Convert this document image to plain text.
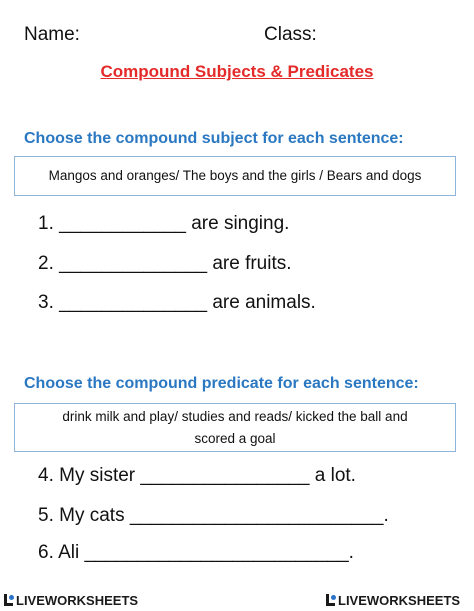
Name:	Class:
Compound Subjects & Predicates
Choose the compound subject for each sentence:
Mangos and oranges/ The boys and the girls / Bears and dogs
1. ____________ are singing.
2. ______________ are fruits.
3. ______________ are animals.
Choose the compound predicate for each sentence:
drink milk and play/ studies and reads/ kicked the ball and
scored a goal
4. My sister ________________ a lot.
5. My cats ________________________.
6. Ali _________________________.
LIVEWORKSHEETS	LIVEWORKSHEETS
